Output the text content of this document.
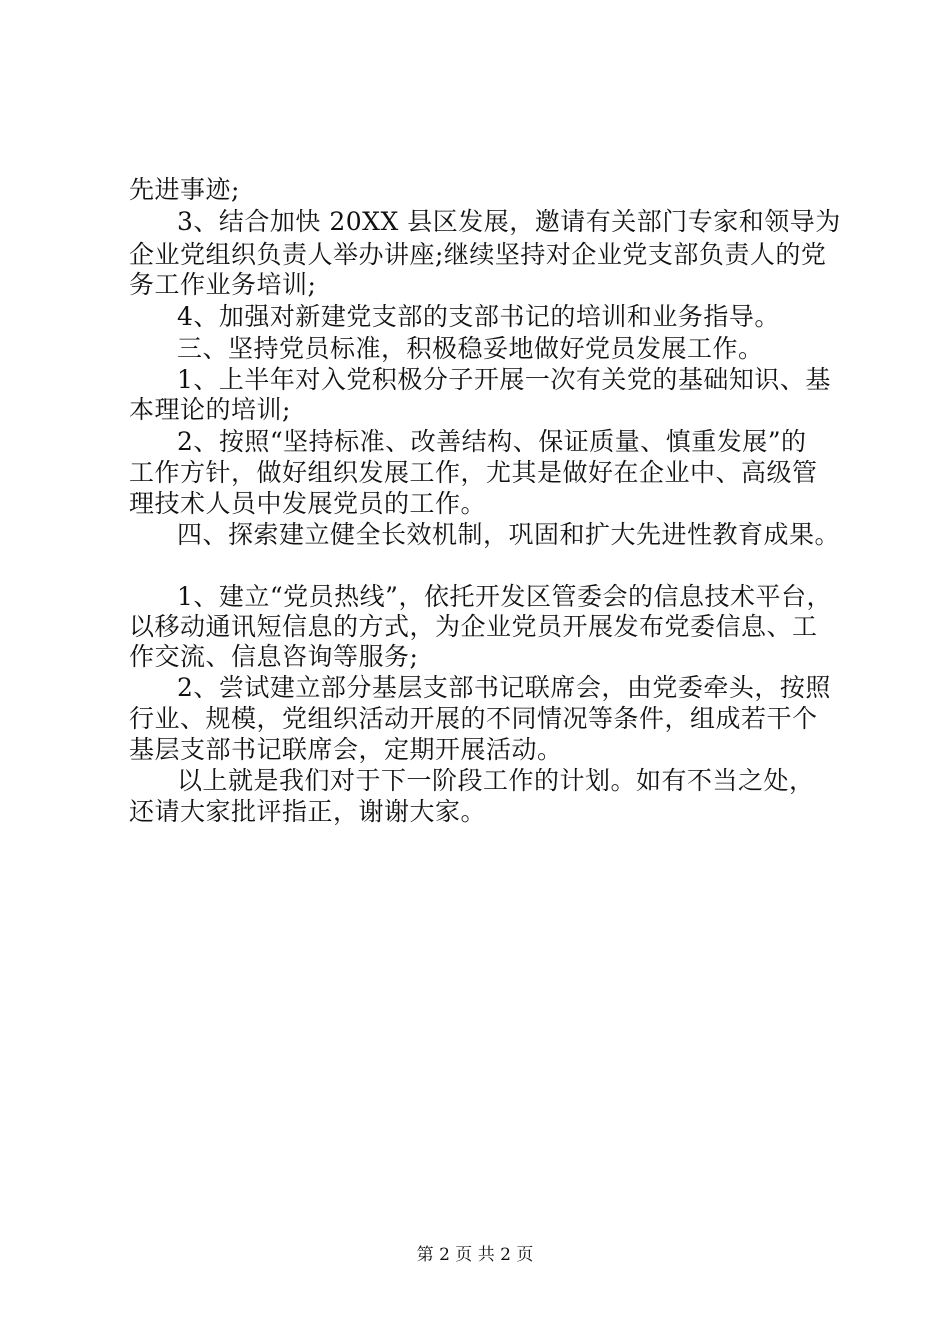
先进事迹;
3、结合加快 20XX 县区发展，邀请有关部门专家和领导为
企业党组织负责人举办讲座;继续坚持对企业党支部负责人的党
务工作业务培训;
4、加强对新建党支部的支部书记的培训和业务指导。
三、坚持党员标准，积极稳妥地做好党员发展工作。
1、上半年对入党积极分子开展一次有关党的基础知识、基
本理论的培训;
2、按照“坚持标准、改善结构、保证质量、慎重发展”的
工作方针，做好组织发展工作，尤其是做好在企业中、高级管
理技术人员中发展党员的工作。
四、探索建立健全长效机制，巩固和扩大先进性教育成果。
1、建立“党员热线”，依托开发区管委会的信息技术平台，
以移动通讯短信息的方式，为企业党员开展发布党委信息、工
作交流、信息咨询等服务;
2、尝试建立部分基层支部书记联席会，由党委牵头，按照
行业、规模，党组织活动开展的不同情况等条件，组成若干个
基层支部书记联席会，定期开展活动。
以上就是我们对于下一阶段工作的计划。如有不当之处，
还请大家批评指正，谢谢大家。
第 2 页 共 2 页
